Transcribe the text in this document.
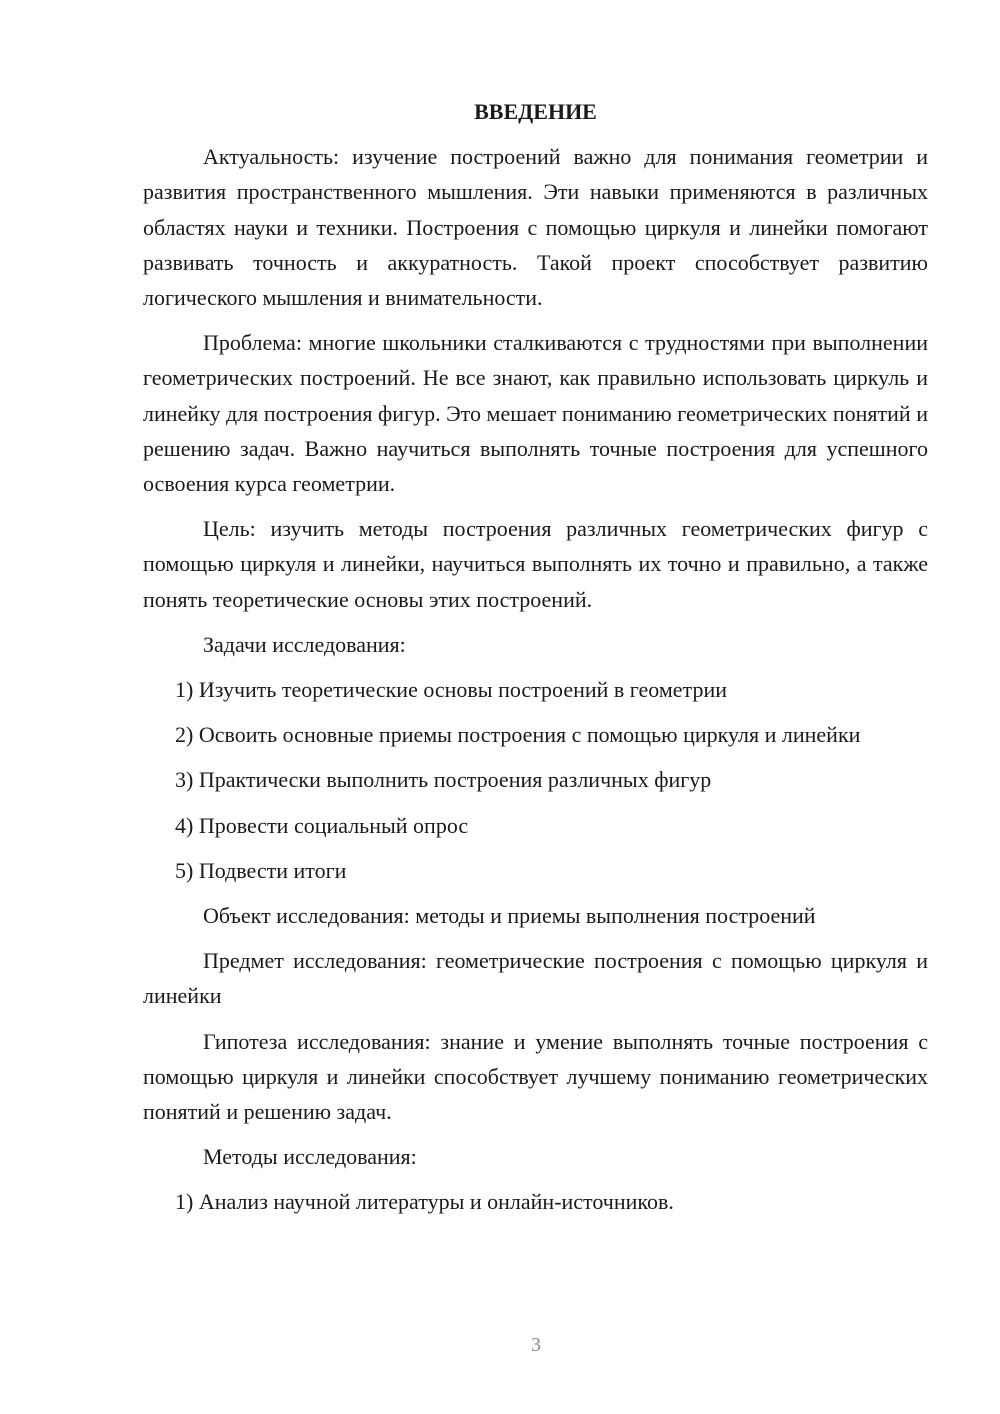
ВВЕДЕНИЕ

Актуальность: изучение построений важно для понимания геометрии и развития пространственного мышления. Эти навыки применяются в различных областях науки и техники. Построения с помощью циркуля и линейки помогают развивать точность и аккуратность. Такой проект способствует развитию логического мышления и внимательности.

Проблема: многие школьники сталкиваются с трудностями при выполнении геометрических построений. Не все знают, как правильно использовать циркуль и линейку для построения фигур. Это мешает пониманию геометрических понятий и решению задач. Важно научиться выполнять точные построения для успешного освоения курса геометрии.

Цель: изучить методы построения различных геометрических фигур с помощью циркуля и линейки, научиться выполнять их точно и правильно, а также понять теоретические основы этих построений.

Задачи исследования:

1) Изучить теоретические основы построений в геометрии

2) Освоить основные приемы построения с помощью циркуля и линейки

3) Практически выполнить построения различных фигур

4) Провести социальный опрос

5) Подвести итоги

Объект исследования: методы и приемы выполнения построений

Предмет исследования: геометрические построения с помощью циркуля и линейки

Гипотеза исследования: знание и умение выполнять точные построения с помощью циркуля и линейки способствует лучшему пониманию геометрических понятий и решению задач.

Методы исследования:

1) Анализ научной литературы и онлайн-источников.

3
